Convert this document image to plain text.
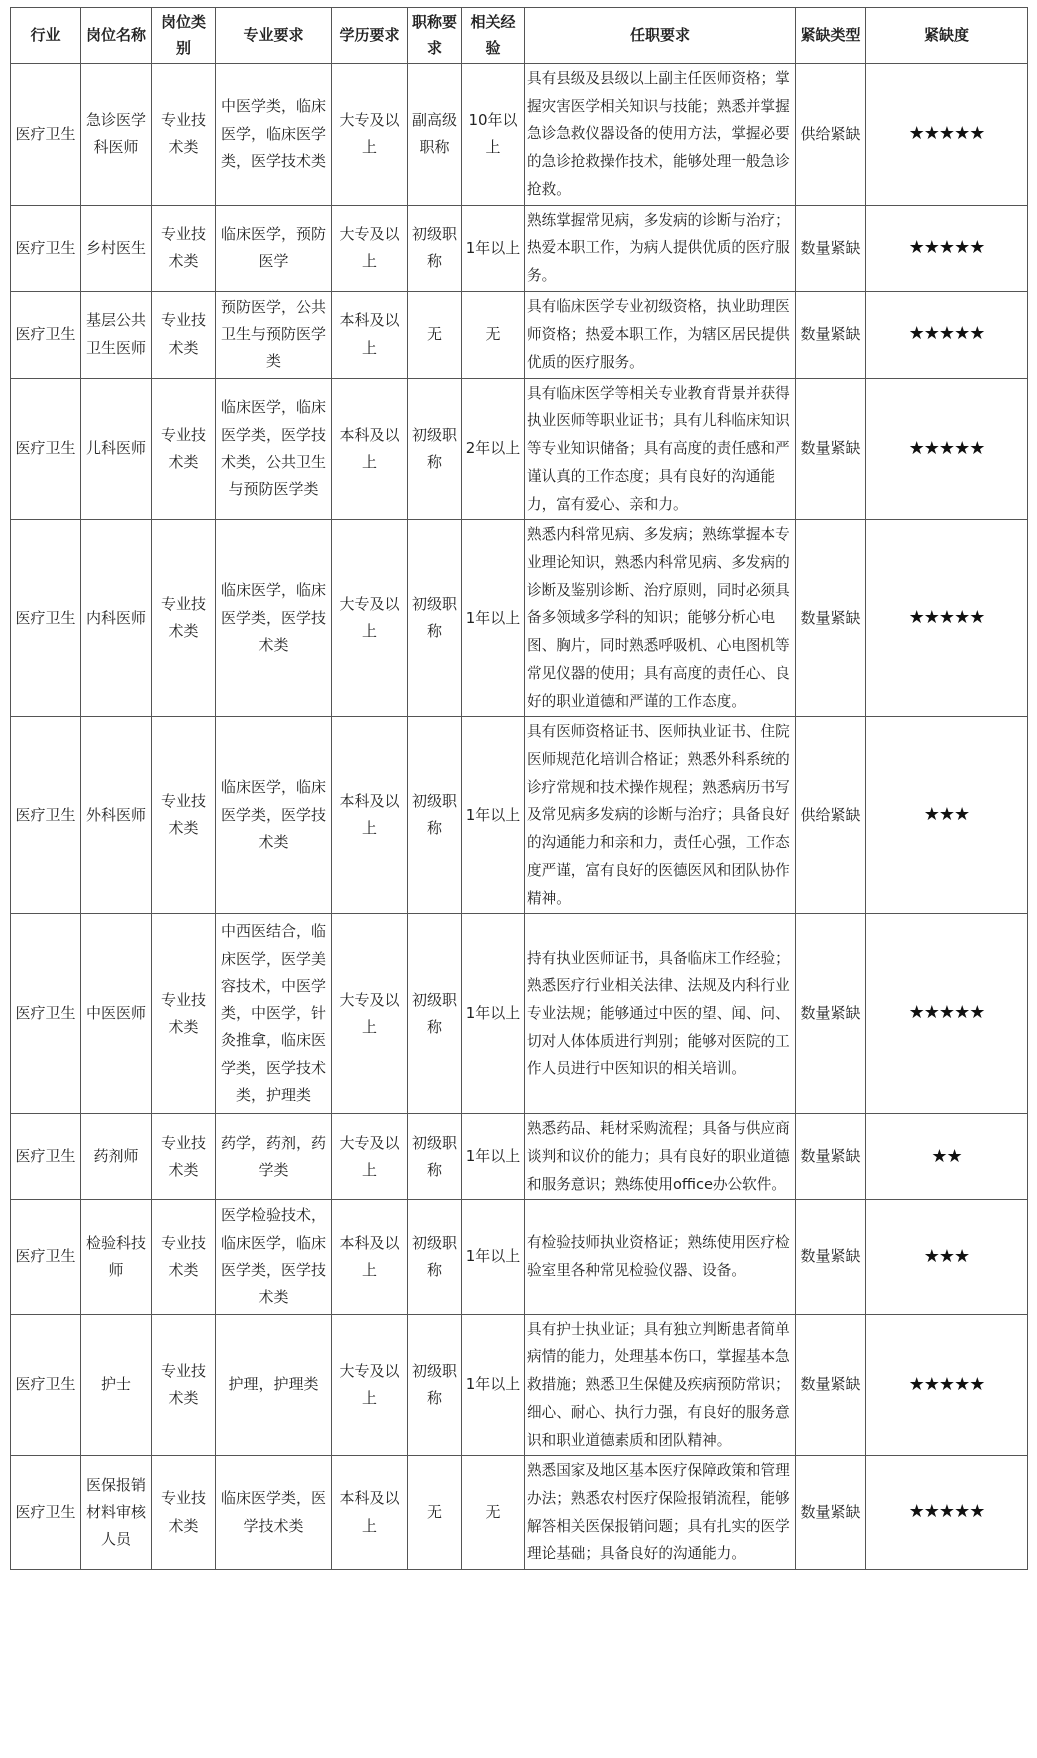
行业	岗位名称	岗位类别	专业要求	学历要求	职称要求	相关经验	任职要求	紧缺类型	紧缺度
医疗卫生	急诊医学科医师	专业技术类	中医学类，临床医学，临床医学类，医学技术类	大专及以上	副高级职称	10年以上	具有县级及县级以上副主任医师资格；掌握灾害医学相关知识与技能；熟悉并掌握急诊急救仪器设备的使用方法，掌握必要的急诊抢救操作技术，能够处理一般急诊抢救。	供给紧缺	★★★★★
医疗卫生	乡村医生	专业技术类	临床医学，预防医学	大专及以上	初级职称	1年以上	熟练掌握常见病，多发病的诊断与治疗；热爱本职工作，为病人提供优质的医疗服务。	数量紧缺	★★★★★
医疗卫生	基层公共卫生医师	专业技术类	预防医学，公共卫生与预防医学类	本科及以上	无	无	具有临床医学专业初级资格，执业助理医师资格；热爱本职工作，为辖区居民提供优质的医疗服务。	数量紧缺	★★★★★
医疗卫生	儿科医师	专业技术类	临床医学，临床医学类，医学技术类，公共卫生与预防医学类	本科及以上	初级职称	2年以上	具有临床医学等相关专业教育背景并获得执业医师等职业证书；具有儿科临床知识等专业知识储备；具有高度的责任感和严谨认真的工作态度；具有良好的沟通能力，富有爱心、亲和力。	数量紧缺	★★★★★
医疗卫生	内科医师	专业技术类	临床医学，临床医学类，医学技术类	大专及以上	初级职称	1年以上	熟悉内科常见病、多发病；熟练掌握本专业理论知识，熟悉内科常见病、多发病的诊断及鉴别诊断、治疗原则，同时必须具备多领域多学科的知识；能够分析心电图、胸片，同时熟悉呼吸机、心电图机等常见仪器的使用；具有高度的责任心、良好的职业道德和严谨的工作态度。	数量紧缺	★★★★★
医疗卫生	外科医师	专业技术类	临床医学，临床医学类，医学技术类	本科及以上	初级职称	1年以上	具有医师资格证书、医师执业证书、住院医师规范化培训合格证；熟悉外科系统的诊疗常规和技术操作规程；熟悉病历书写及常见病多发病的诊断与治疗；具备良好的沟通能力和亲和力，责任心强，工作态度严谨，富有良好的医德医风和团队协作精神。	供给紧缺	★★★
医疗卫生	中医医师	专业技术类	中西医结合，临床医学，医学美容技术，中医学类，中医学，针灸推拿，临床医学类，医学技术类，护理类	大专及以上	初级职称	1年以上	持有执业医师证书，具备临床工作经验；熟悉医疗行业相关法律、法规及内科行业专业法规；能够通过中医的望、闻、问、切对人体体质进行判别；能够对医院的工作人员进行中医知识的相关培训。	数量紧缺	★★★★★
医疗卫生	药剂师	专业技术类	药学，药剂，药学类	大专及以上	初级职称	1年以上	熟悉药品、耗材采购流程；具备与供应商谈判和议价的能力；具有良好的职业道德和服务意识；熟练使用office办公软件。	数量紧缺	★★
医疗卫生	检验科技师	专业技术类	医学检验技术，临床医学，临床医学类，医学技术类	本科及以上	初级职称	1年以上	有检验技师执业资格证；熟练使用医疗检验室里各种常见检验仪器、设备。	数量紧缺	★★★
医疗卫生	护士	专业技术类	护理，护理类	大专及以上	初级职称	1年以上	具有护士执业证；具有独立判断患者简单病情的能力，处理基本伤口，掌握基本急救措施；熟悉卫生保健及疾病预防常识；细心、耐心、执行力强，有良好的服务意识和职业道德素质和团队精神。	数量紧缺	★★★★★
医疗卫生	医保报销材料审核人员	专业技术类	临床医学类，医学技术类	本科及以上	无	无	熟悉国家及地区基本医疗保障政策和管理办法；熟悉农村医疗保险报销流程，能够解答相关医保报销问题；具有扎实的医学理论基础；具备良好的沟通能力。	数量紧缺	★★★★★
